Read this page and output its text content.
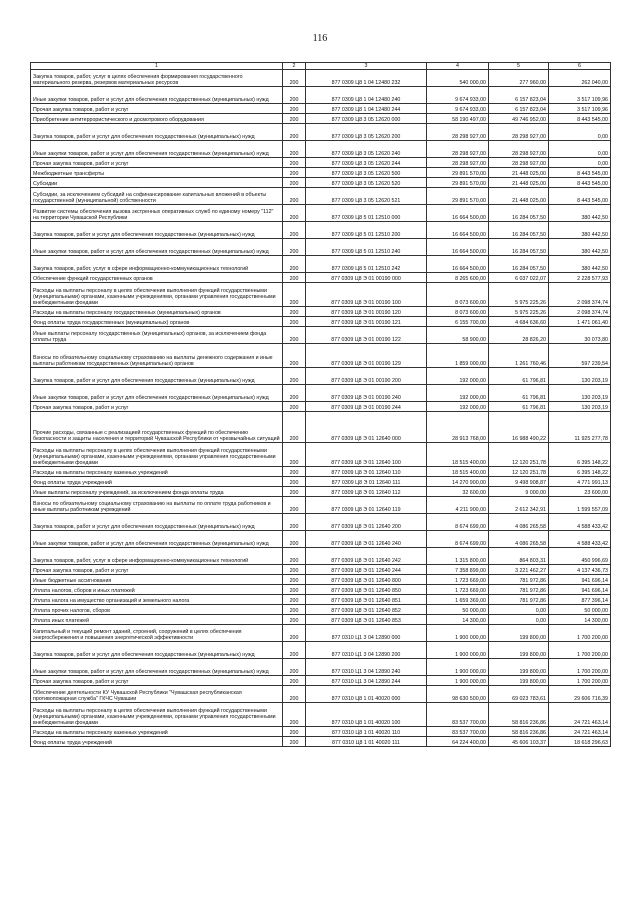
116
1	2	3	4	5	6
Закупка товаров, работ, услуг в целях обеспечения формирования государственного материального резерва, резервов материальных ресурсов	200	877 0309 Ц8 1 04 12480 232	540 000,00	277 960,00	262 040,00
Иные закупки товаров, работ и услуг для обеспечения государственных (муниципальных) нужд	200	877 0309 Ц8 1 04 12480 240	9 674 933,00	6 157 823,04	3 517 109,96
Прочая закупка товаров, работ и услуг	200	877 0309 Ц8 1 04 12480 244	9 674 933,00	6 157 823,04	3 517 109,96
Приобретение антитеррористического и досмотрового оборудования	200	877 0309 Ц8 3 05 12620 000	58 190 497,00	49 746 952,00	8 443 545,00
Закупка товаров, работ и услуг для обеспечения государственных (муниципальных) нужд	200	877 0309 Ц8 3 05 12620 200	28 298 927,00	28 298 927,00	0,00
Иные закупки товаров, работ и услуг для обеспечения государственных (муниципальных) нужд	200	877 0309 Ц8 3 05 12620 240	28 298 927,00	28 298 927,00	0,00
Прочая закупка товаров, работ и услуг	200	877 0309 Ц8 3 05 12620 244	28 298 927,00	28 298 927,00	0,00
Межбюджетные трансферты	200	877 0309 Ц8 3 05 12620 500	29 891 570,00	21 448 025,00	8 443 545,00
Субсидии	200	877 0309 Ц8 3 05 12620 520	29 891 570,00	21 448 025,00	8 443 545,00
Субсидии, за исключением субсидий на софинансирование капитальных вложений в объекты государственной (муниципальной) собственности	200	877 0309 Ц8 3 05 12620 521	29 891 570,00	21 448 025,00	8 443 545,00
Развитие системы обеспечения вызова экстренных оперативных служб по единому номеру "112" на территории Чувашской Республики	200	877 0309 Ц8 5 01 12510 000	16 664 500,00	16 284 057,50	380 442,50
Закупка товаров, работ и услуг для обеспечения государственных (муниципальных) нужд	200	877 0309 Ц8 5 01 12510 200	16 664 500,00	16 284 057,50	380 442,50
Иные закупки товаров, работ и услуг для обеспечения государственных (муниципальных) нужд	200	877 0309 Ц8 5 01 12510 240	16 664 500,00	16 284 057,50	380 442,50
Закупка товаров, работ, услуг в сфере информационно-коммуникационных технологий	200	877 0309 Ц8 5 01 12510 242	16 664 500,00	16 284 057,50	380 442,50
Обеспечение функций государственных органов	200	877 0309 Ц8 Э 01 00190 000	8 265 600,00	6 037 022,07	2 228 577,93
Расходы на выплаты персоналу в целях обеспечения выполнения функций государственными (муниципальными) органами, казенными учреждениями, органами управления государственными внебюджетными фондами	200	877 0309 Ц8 Э 01 00190 100	8 073 600,00	5 975 225,26	2 098 374,74
Расходы на выплаты персоналу государственных (муниципальных) органов	200	877 0309 Ц8 Э 01 00190 120	8 073 600,00	5 975 225,26	2 098 374,74
Фонд оплаты труда государственных (муниципальных) органов	200	877 0309 Ц8 Э 01 00190 121	6 155 700,00	4 684 636,60	1 471 061,40
Иные выплаты персоналу государственных (муниципальных) органов, за исключением фонда оплаты труда	200	877 0309 Ц8 Э 01 00190 122	58 900,00	28 826,20	30 073,80
Взносы по обязательному социальному страхованию на выплаты денежного содержания и иные выплаты работникам государственных (муниципальных) органов	200	877 0309 Ц8 Э 01 00190 129	1 859 000,00	1 261 760,46	597 239,54
Закупка товаров, работ и услуг для обеспечения государственных (муниципальных) нужд	200	877 0309 Ц8 Э 01 00190 200	192 000,00	61 796,81	130 203,19
Иные закупки товаров, работ и услуг для обеспечения государственных (муниципальных) нужд	200	877 0309 Ц8 Э 01 00190 240	192 000,00	61 796,81	130 203,19
Прочая закупка товаров, работ и услуг	200	877 0309 Ц8 Э 01 00190 244	192 000,00	61 796,81	130 203,19
Прочие расходы, связанные с реализацией государственных функций по обеспечению безопасности и защиты населения и территорий Чувашской Республики от чрезвычайных ситуаций	200	877 0309 Ц8 Э 01 12640 000	28 913 768,00	16 988 490,22	11 925 277,78
Расходы на выплаты персоналу в целях обеспечения выполнения функций государственными (муниципальными) органами, казенными учреждениями, органами управления государственными внебюджетными фондами	200	877 0309 Ц8 Э 01 12640 100	18 515 400,00	12 120 251,78	6 395 148,22
Расходы на выплаты персоналу казенных учреждений	200	877 0309 Ц8 Э 01 12640 110	18 515 400,00	12 120 251,78	6 395 148,22
Фонд оплаты труда учреждений	200	877 0309 Ц8 Э 01 12640 111	14 270 900,00	9 498 908,87	4 771 991,13
Иные выплаты персоналу учреждений, за исключением фонда оплаты труда	200	877 0309 Ц8 Э 01 12640 112	32 600,00	9 000,00	23 600,00
Взносы по обязательному социальному страхованию на выплаты по оплате труда работников и иные выплаты работникам учреждений	200	877 0309 Ц8 Э 01 12640 119	4 211 900,00	2 612 342,91	1 599 557,09
Закупка товаров, работ и услуг для обеспечения государственных (муниципальных) нужд	200	877 0309 Ц8 Э 01 12640 200	8 674 699,00	4 086 265,58	4 588 433,42
Иные закупки товаров, работ и услуг для обеспечения государственных (муниципальных) нужд	200	877 0309 Ц8 Э 01 12640 240	8 674 699,00	4 086 265,58	4 588 433,42
Закупка товаров, работ, услуг в сфере информационно-коммуникационных технологий	200	877 0309 Ц8 Э 01 12640 242	1 315 800,00	864 803,31	450 996,69
Прочая закупка товаров, работ и услуг	200	877 0309 Ц8 Э 01 12640 244	7 358 899,00	3 221 462,27	4 137 436,73
Иные бюджетные ассигнования	200	877 0309 Ц8 Э 01 12640 800	1 723 669,00	781 972,86	941 696,14
Уплата налогов, сборов и иных платежей	200	877 0309 Ц8 Э 01 12640 850	1 723 669,00	781 972,86	941 696,14
Уплата налога на имущество организаций и земельного налога	200	877 0309 Ц8 Э 01 12640 851	1 659 369,00	781 972,86	877 396,14
Уплата прочих налогов, сборов	200	877 0309 Ц8 Э 01 12640 852	50 000,00	0,00	50 000,00
Уплата иных платежей	200	877 0309 Ц8 Э 01 12640 853	14 300,00	0,00	14 300,00
Капитальный и текущий ремонт зданий, строений, сооружений в целях обеспечения энергосбережения и повышения энергетической эффективности	200	877 0310 Ц1 3 04 12890 000	1 900 000,00	199 800,00	1 700 200,00
Закупка товаров, работ и услуг для обеспечения государственных (муниципальных) нужд	200	877 0310 Ц1 3 04 12890 200	1 900 000,00	199 800,00	1 700 200,00
Иные закупки товаров, работ и услуг для обеспечения государственных (муниципальных) нужд	200	877 0310 Ц1 3 04 12890 240	1 900 000,00	199 800,00	1 700 200,00
Прочая закупка товаров, работ и услуг	200	877 0310 Ц1 3 04 12890 244	1 900 000,00	199 800,00	1 700 200,00
Обеспечение деятельности КУ Чувашской Республики "Чувашская республиканская противопожарная служба" ГКЧС Чувашии	200	877 0310 Ц8 1 01 40020 000	98 630 500,00	69 023 783,61	29 606 716,39
Расходы на выплаты персоналу в целях обеспечения выполнения функций государственными (муниципальными) органами, казенными учреждениями, органами управления государственными внебюджетными фондами	200	877 0310 Ц8 1 01 40020 100	83 537 700,00	58 816 236,86	24 721 463,14
Расходы на выплаты персоналу казенных учреждений	200	877 0310 Ц8 1 01 40020 110	83 537 700,00	58 816 236,86	24 721 463,14
Фонд оплаты труда учреждений	200	877 0310 Ц8 1 01 40020 111	64 224 400,00	45 606 103,37	18 618 296,63
